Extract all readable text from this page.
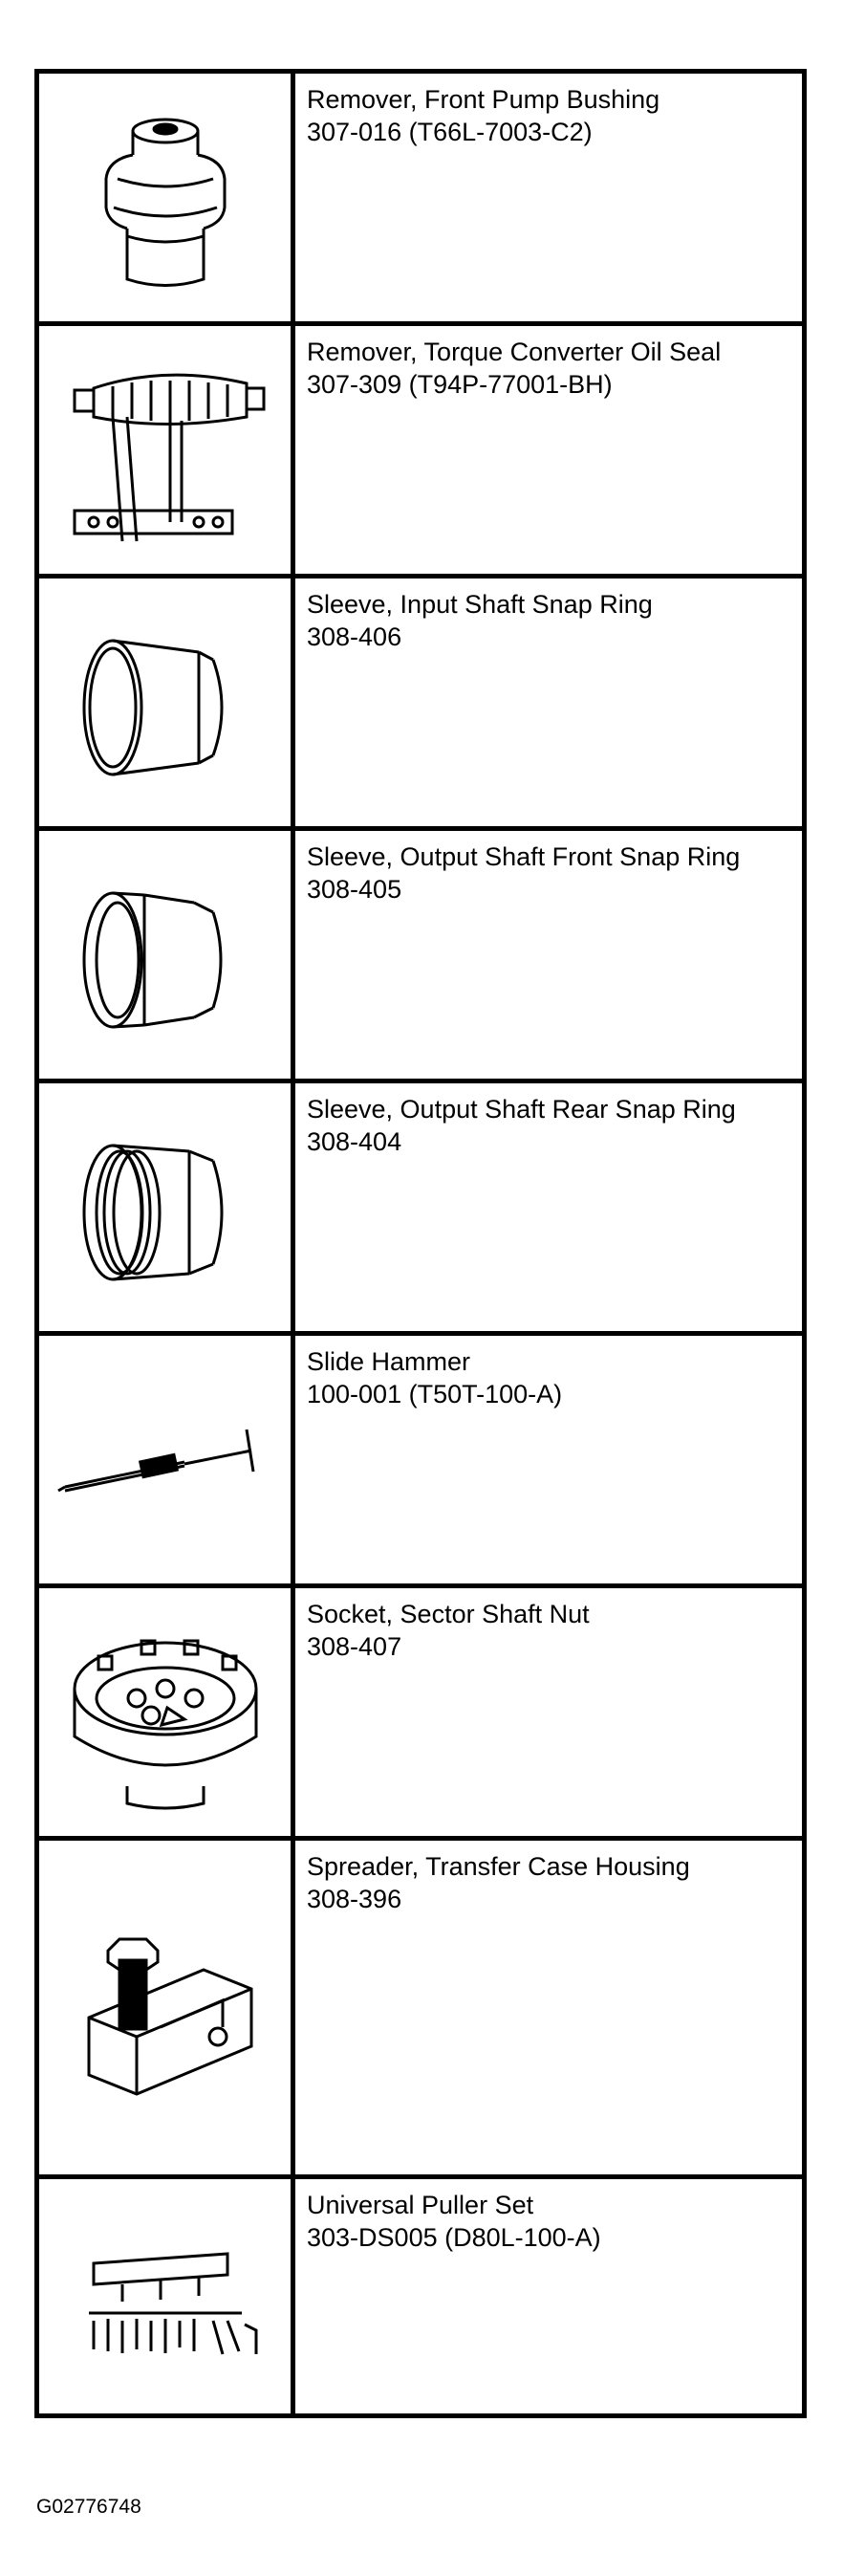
Remover, Front Pump Bushing
307-016 (T66L-7003-C2)
Remover, Torque Converter Oil Seal
307-309 (T94P-77001-BH)
Sleeve, Input Shaft Snap Ring
308-406
Sleeve, Output Shaft Front Snap Ring
308-405
Sleeve, Output Shaft Rear Snap Ring
308-404
Slide Hammer
100-001 (T50T-100-A)
Socket, Sector Shaft Nut
308-407
Spreader, Transfer Case Housing
308-396
Universal Puller Set
303-DS005 (D80L-100-A)
G02776748
